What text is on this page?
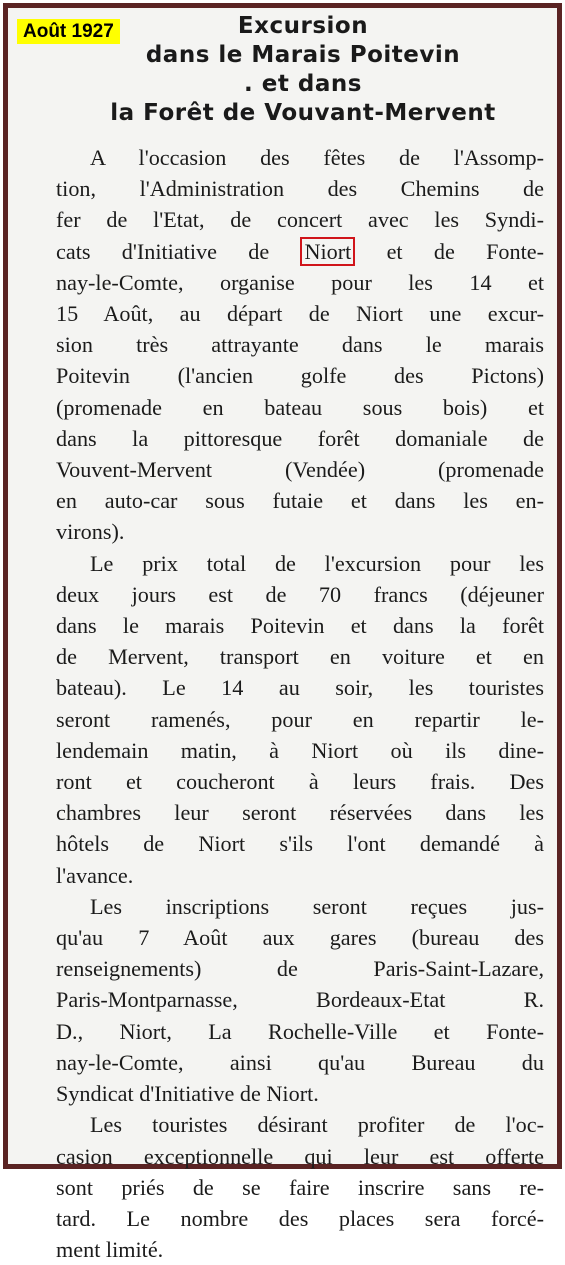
Août 1927	Excursion
dans le Marais Poitevin
. et dans
la Forêt de Vouvant-Mervent

A l'occasion des fêtes de l'Assomp-
tion, l'Administration des Chemins de
fer de l'Etat, de concert avec les Syndi-
cats d'Initiative de Niort et de Fonte-
nay-le-Comte, organise pour les 14 et
15 Août, au départ de Niort une excur-
sion très attrayante dans le marais
Poitevin (l'ancien golfe des Pictons)
(promenade en bateau sous bois) et
dans la pittoresque forêt domaniale de
Vouvent-Mervent (Vendée) (promenade
en auto-car sous futaie et dans les en-
virons).

Le prix total de l'excursion pour les
deux jours est de 70 francs (déjeuner
dans le marais Poitevin et dans la forêt
de Mervent, transport en voiture et en
bateau). Le 14 au soir, les touristes
seront ramenés, pour en repartir le-
lendemain matin, à Niort où ils dine-
ront et coucheront à leurs frais. Des
chambres leur seront réservées dans les
hôtels de Niort s'ils l'ont demandé à
l'avance.

Les inscriptions seront reçues jus-
qu'au 7 Août aux gares (bureau des
renseignements) de Paris-Saint-Lazare,
Paris-Montparnasse, Bordeaux-Etat R.
D., Niort, La Rochelle-Ville et Fonte-
nay-le-Comte, ainsi qu'au Bureau du
Syndicat d'Initiative de Niort.

Les touristes désirant profiter de l'oc-
casion exceptionnelle qui leur est offerte
sont priés de se faire inscrire sans re-
tard. Le nombre des places sera forcé-
ment limité.
